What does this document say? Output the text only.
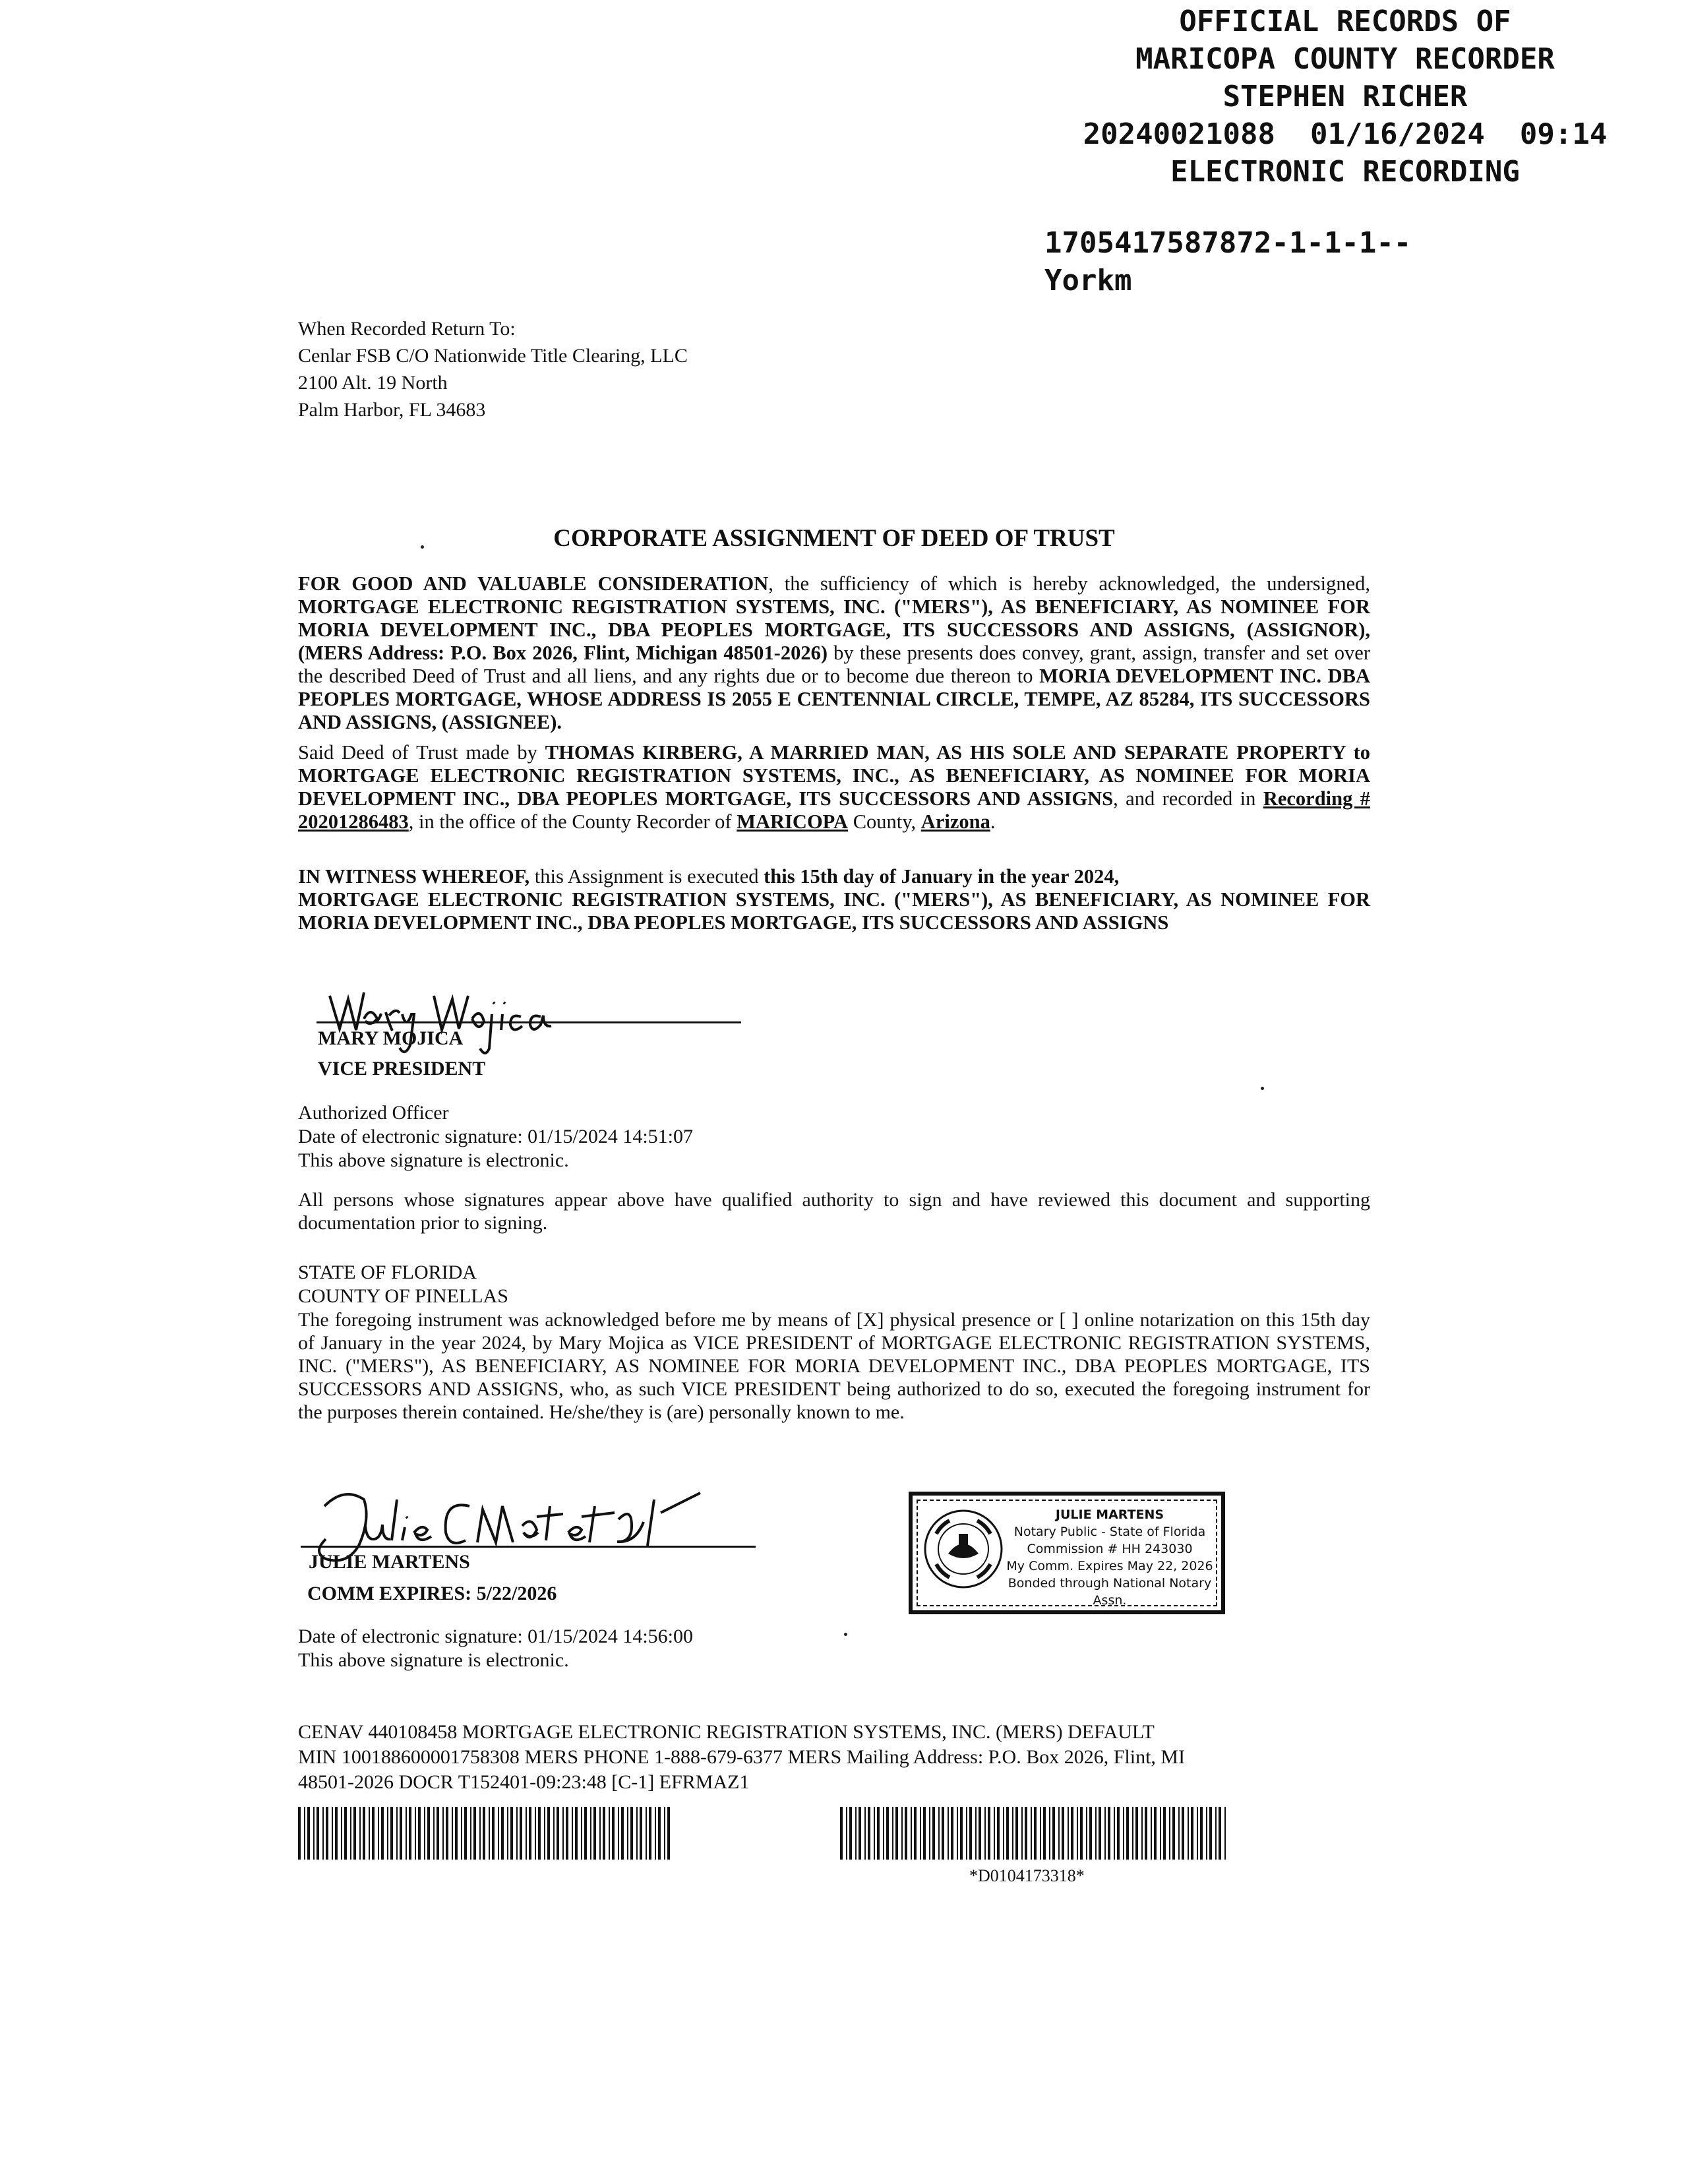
OFFICIAL RECORDS OF
MARICOPA COUNTY RECORDER
STEPHEN RICHER
20240021088 01/16/2024 09:14
ELECTRONIC RECORDING
1705417587872-1-1-1--
Yorkm
When Recorded Return To:
Cenlar FSB C/O Nationwide Title Clearing, LLC
2100 Alt. 19 North
Palm Harbor, FL 34683
CORPORATE ASSIGNMENT OF DEED OF TRUST
FOR GOOD AND VALUABLE CONSIDERATION, the sufficiency of which is hereby acknowledged, the undersigned, MORTGAGE ELECTRONIC REGISTRATION SYSTEMS, INC. ("MERS"), AS BENEFICIARY, AS NOMINEE FOR MORIA DEVELOPMENT INC., DBA PEOPLES MORTGAGE, ITS SUCCESSORS AND ASSIGNS, (ASSIGNOR), (MERS Address: P.O. Box 2026, Flint, Michigan 48501-2026) by these presents does convey, grant, assign, transfer and set over the described Deed of Trust and all liens, and any rights due or to become due thereon to MORIA DEVELOPMENT INC. DBA PEOPLES MORTGAGE, WHOSE ADDRESS IS 2055 E CENTENNIAL CIRCLE, TEMPE, AZ 85284, ITS SUCCESSORS AND ASSIGNS, (ASSIGNEE).
Said Deed of Trust made by THOMAS KIRBERG, A MARRIED MAN, AS HIS SOLE AND SEPARATE PROPERTY to MORTGAGE ELECTRONIC REGISTRATION SYSTEMS, INC., AS BENEFICIARY, AS NOMINEE FOR MORIA DEVELOPMENT INC., DBA PEOPLES MORTGAGE, ITS SUCCESSORS AND ASSIGNS, and recorded in Recording # 20201286483, in the office of the County Recorder of MARICOPA County, Arizona.
IN WITNESS WHEREOF, this Assignment is executed this 15th day of January in the year 2024,
MORTGAGE ELECTRONIC REGISTRATION SYSTEMS, INC. ("MERS"), AS BENEFICIARY, AS NOMINEE FOR MORIA DEVELOPMENT INC., DBA PEOPLES MORTGAGE, ITS SUCCESSORS AND ASSIGNS
MARY MOJICA
VICE PRESIDENT
Authorized Officer
Date of electronic signature: 01/15/2024 14:51:07
This above signature is electronic.
All persons whose signatures appear above have qualified authority to sign and have reviewed this document and supporting documentation prior to signing.
STATE OF FLORIDA
COUNTY OF PINELLAS
The foregoing instrument was acknowledged before me by means of [X] physical presence or [ ] online notarization on this 15th day of January in the year 2024, by Mary Mojica as VICE PRESIDENT of MORTGAGE ELECTRONIC REGISTRATION SYSTEMS, INC. ("MERS"), AS BENEFICIARY, AS NOMINEE FOR MORIA DEVELOPMENT INC., DBA PEOPLES MORTGAGE, ITS SUCCESSORS AND ASSIGNS, who, as such VICE PRESIDENT being authorized to do so, executed the foregoing instrument for the purposes therein contained. He/she/they is (are) personally known to me.
JULIE MARTENS
COMM EXPIRES: 5/22/2026
JULIE MARTENS
Notary Public - State of Florida
Commission # HH 243030
My Comm. Expires May 22, 2026
Bonded through National Notary Assn.
Date of electronic signature: 01/15/2024 14:56:00
This above signature is electronic.
CENAV 440108458 MORTGAGE ELECTRONIC REGISTRATION SYSTEMS, INC. (MERS) DEFAULT
MIN 100188600001758308 MERS PHONE 1-888-679-6377 MERS Mailing Address: P.O. Box 2026, Flint, MI
48501-2026 DOCR T152401-09:23:48 [C-1] EFRMAZ1
*D0104173318*
